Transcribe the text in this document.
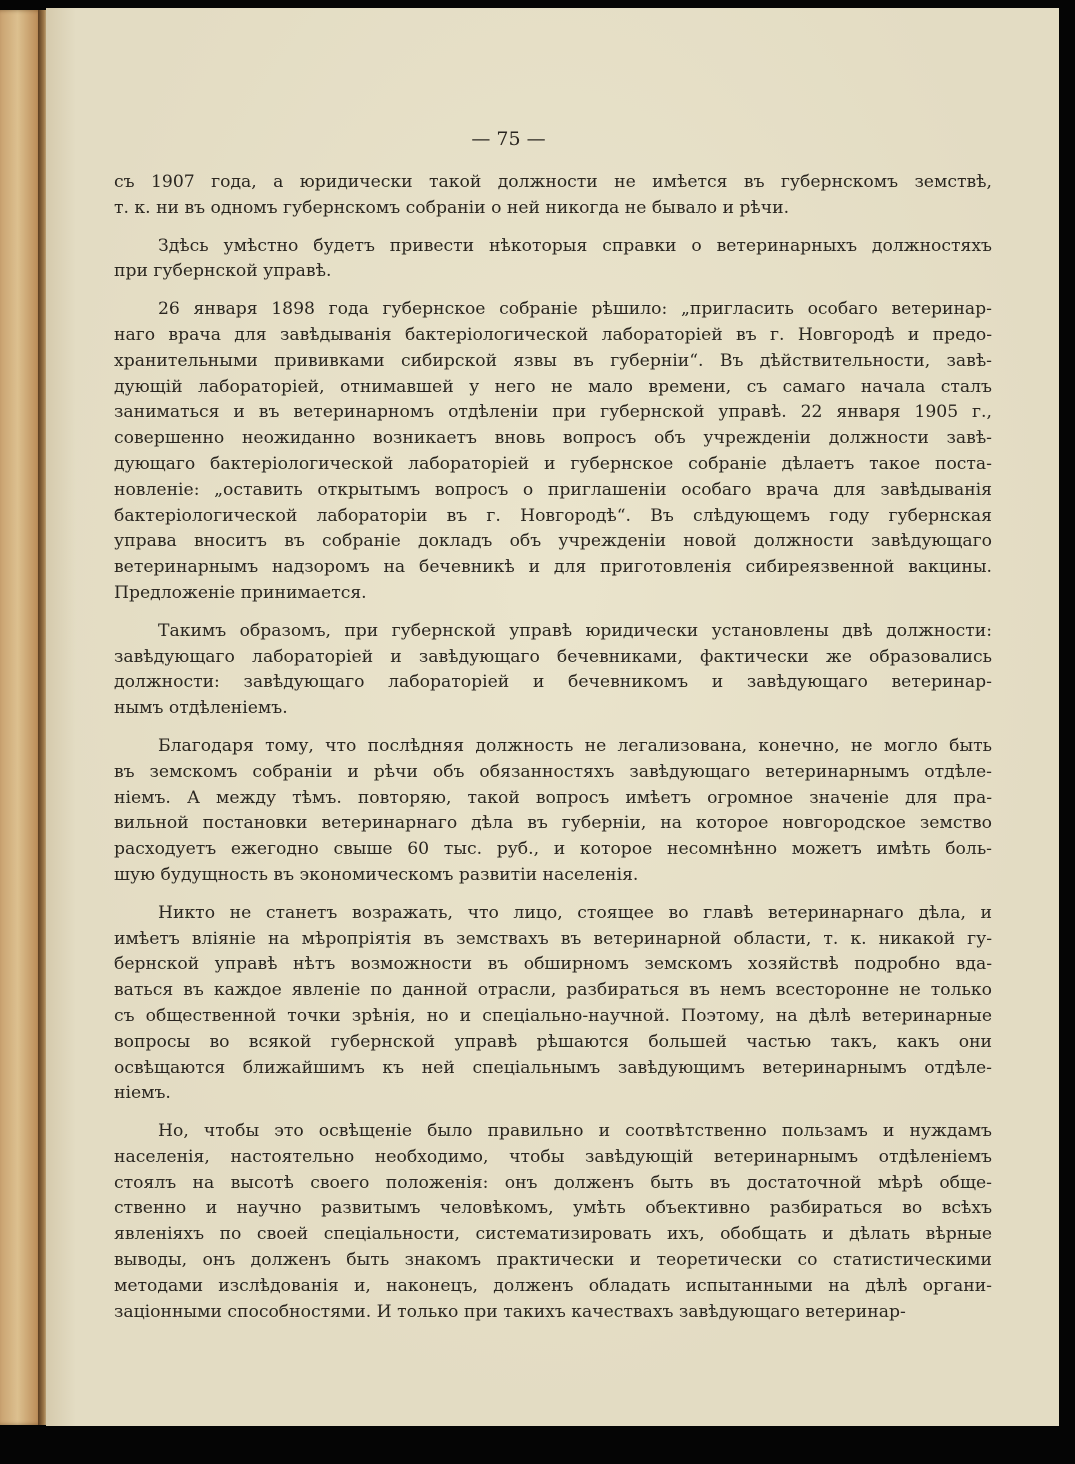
— 75 —
съ 1907 года, а юридически такой должности не имѣется въ губернскомъ земствѣ,
т. к. ни въ одномъ губернскомъ собраніи о ней никогда не бывало и рѣчи.
Здѣсь умѣстно будетъ привести нѣкоторыя справки о ветеринарныхъ должностяхъ
при губернской управѣ.
26 января 1898 года губернское собраніе рѣшило: „пригласить особаго ветеринар-
наго врача для завѣдыванія бактеріологической лабораторіей въ г. Новгородѣ и предо-
хранительными прививками сибирской язвы въ губерніи“. Въ дѣйствительности, завѣ-
дующій лабораторіей, отнимавшей у него не мало времени, съ самаго начала сталъ
заниматься и въ ветеринарномъ отдѣленіи при губернской управѣ. 22 января 1905 г.,
совершенно неожиданно возникаетъ вновь вопросъ объ учрежденіи должности завѣ-
дующаго бактеріологической лабораторіей и губернское собраніе дѣлаетъ такое поста-
новленіе: „оставить открытымъ вопросъ о приглашеніи особаго врача для завѣдыванія
бактеріологической лабораторіи въ г. Новгородѣ“. Въ слѣдующемъ году губернская
управа вноситъ въ собраніе докладъ объ учрежденіи новой должности завѣдующаго
ветеринарнымъ надзоромъ на бечевникѣ и для приготовленія сибиреязвенной вакцины.
Предложеніе принимается.
Такимъ образомъ, при губернской управѣ юридически установлены двѣ должности:
завѣдующаго лабораторіей и завѣдующаго бечевниками, фактически же образовались
должности: завѣдующаго лабораторіей и бечевникомъ и завѣдующаго ветеринар-
нымъ отдѣленіемъ.
Благодаря тому, что послѣдняя должность не легализована, конечно, не могло быть
въ земскомъ собраніи и рѣчи объ обязанностяхъ завѣдующаго ветеринарнымъ отдѣле-
ніемъ. А между тѣмъ. повторяю, такой вопросъ имѣетъ огромное значеніе для пра-
вильной постановки ветеринарнаго дѣла въ губерніи, на которое новгородское земство
расходуетъ ежегодно свыше 60 тыс. руб., и которое несомнѣнно можетъ имѣть боль-
шую будущность въ экономическомъ развитіи населенія.
Никто не станетъ возражать, что лицо, стоящее во главѣ ветеринарнаго дѣла, и
имѣетъ вліяніе на мѣропріятія въ земствахъ въ ветеринарной области, т. к. никакой гу-
бернской управѣ нѣтъ возможности въ обширномъ земскомъ хозяйствѣ подробно вда-
ваться въ каждое явленіе по данной отрасли, разбираться въ немъ всесторонне не только
съ общественной точки зрѣнія, но и спеціально-научной. Поэтому, на дѣлѣ ветеринарные
вопросы во всякой губернской управѣ рѣшаются большей частью такъ, какъ они
освѣщаются ближайшимъ къ ней спеціальнымъ завѣдующимъ ветеринарнымъ отдѣле-
ніемъ.
Но, чтобы это освѣщеніе было правильно и соотвѣтственно пользамъ и нуждамъ
населенія, настоятельно необходимо, чтобы завѣдующій ветеринарнымъ отдѣленіемъ
стоялъ на высотѣ своего положенія: онъ долженъ быть въ достаточной мѣрѣ обще-
ственно и научно развитымъ человѣкомъ, умѣть объективно разбираться во всѣхъ
явленіяхъ по своей спеціальности, систематизировать ихъ, обобщать и дѣлать вѣрные
выводы, онъ долженъ быть знакомъ практически и теоретически со статистическими
методами изслѣдованія и, наконецъ, долженъ обладать испытанными на дѣлѣ органи-
заціонными способностями. И только при такихъ качествахъ завѣдующаго ветеринар-
